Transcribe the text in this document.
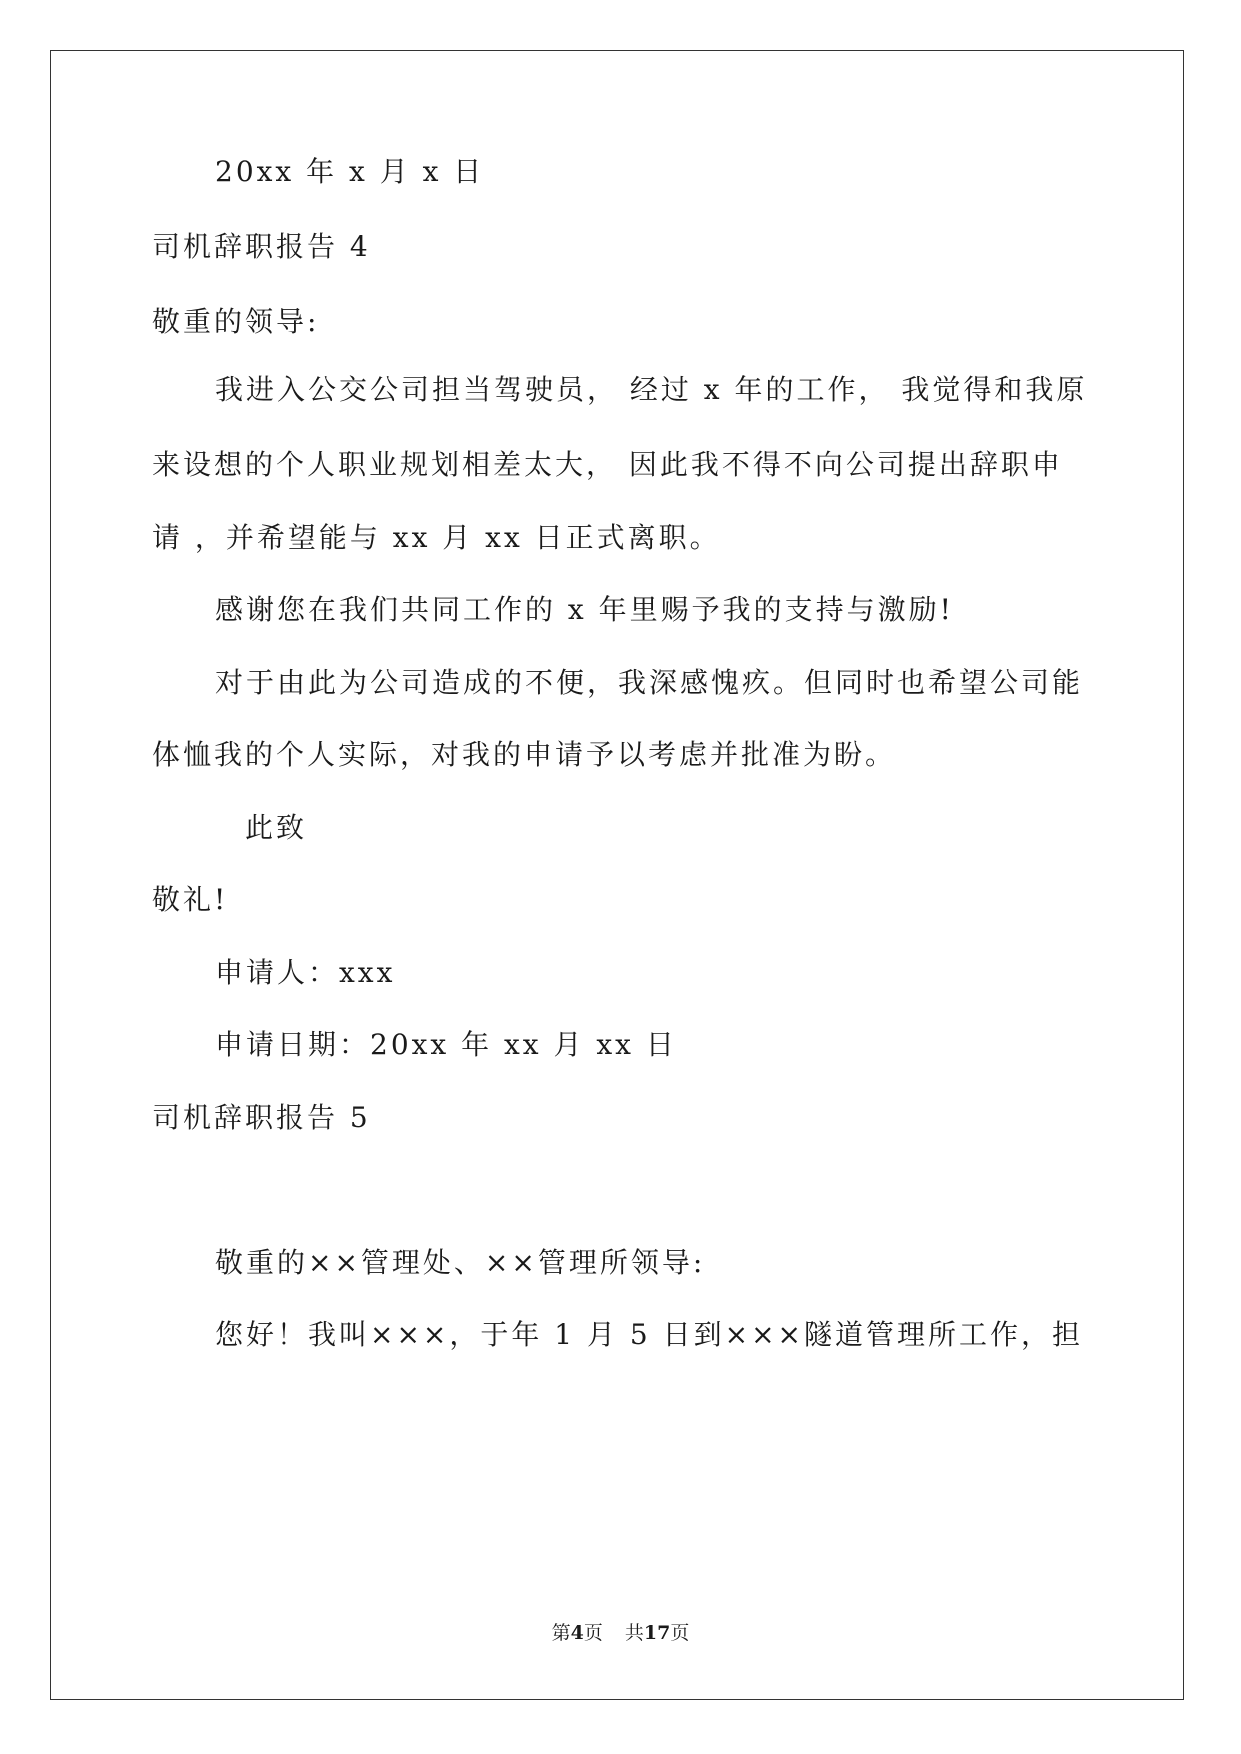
20xx 年 x 月 x 日
司机辞职报告 4
敬重的领导:
我进入公交公司担当驾驶员， 经过 x 年的工作， 我觉得和我原
来设想的个人职业规划相差太大， 因此我不得不向公司提出辞职申
请 ，并希望能与 xx 月 xx 日正式离职。
感谢您在我们共同工作的 x 年里赐予我的支持与激励!
对于由此为公司造成的不便，我深感愧疚。但同时也希望公司能
体恤我的个人实际，对我的申请予以考虑并批准为盼。
此致
敬礼!
申请人：xxx
申请日期：20xx 年 xx 月 xx 日
司机辞职报告 5
敬重的××管理处、××管理所领导:
您好！我叫×××，于年 1 月 5 日到×××隧道管理所工作，担
第4页 共17页
